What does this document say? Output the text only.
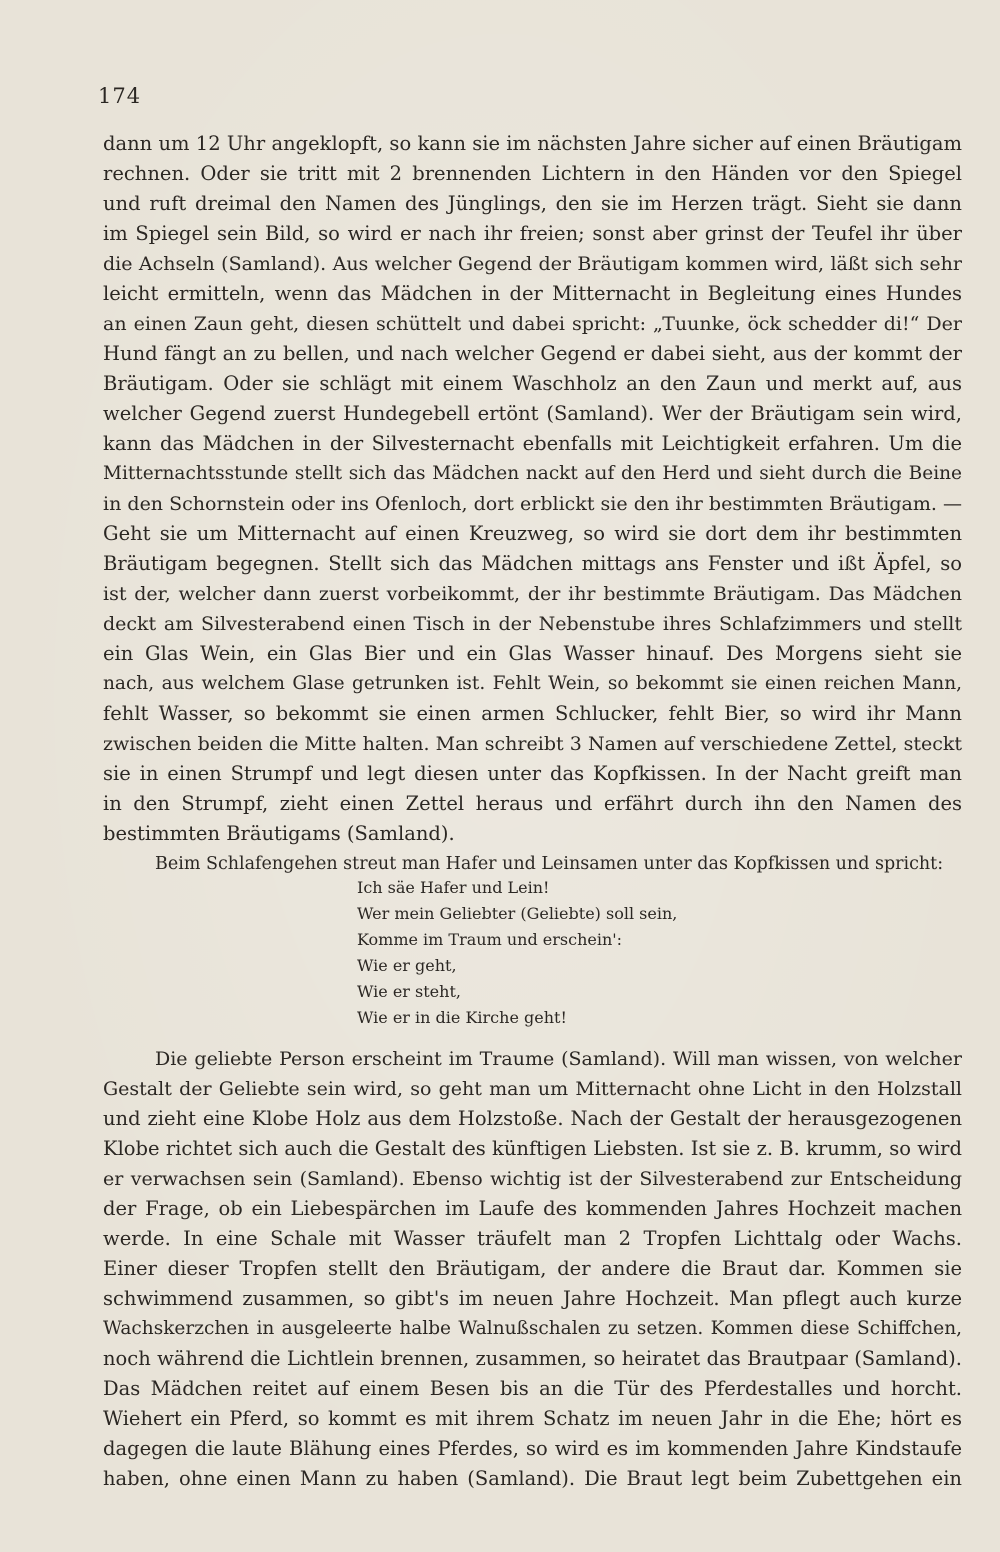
174
dann um 12 Uhr angeklopft, so kann sie im nächsten Jahre sicher auf einen Bräutigam
rechnen. Oder sie tritt mit 2 brennenden Lichtern in den Händen vor den Spiegel
und ruft dreimal den Namen des Jünglings, den sie im Herzen trägt. Sieht sie dann
im Spiegel sein Bild, so wird er nach ihr freien; sonst aber grinst der Teufel ihr über
die Achseln (Samland). Aus welcher Gegend der Bräutigam kommen wird, läßt sich sehr
leicht ermitteln, wenn das Mädchen in der Mitternacht in Begleitung eines Hundes
an einen Zaun geht, diesen schüttelt und dabei spricht: „Tuunke, öck schedder di!“ Der
Hund fängt an zu bellen, und nach welcher Gegend er dabei sieht, aus der kommt der
Bräutigam. Oder sie schlägt mit einem Waschholz an den Zaun und merkt auf, aus
welcher Gegend zuerst Hundegebell ertönt (Samland). Wer der Bräutigam sein wird,
kann das Mädchen in der Silvesternacht ebenfalls mit Leichtigkeit erfahren. Um die
Mitternachtsstunde stellt sich das Mädchen nackt auf den Herd und sieht durch die Beine
in den Schornstein oder ins Ofenloch, dort erblickt sie den ihr bestimmten Bräutigam. —
Geht sie um Mitternacht auf einen Kreuzweg, so wird sie dort dem ihr bestimmten
Bräutigam begegnen. Stellt sich das Mädchen mittags ans Fenster und ißt Äpfel, so
ist der, welcher dann zuerst vorbeikommt, der ihr bestimmte Bräutigam. Das Mädchen
deckt am Silvesterabend einen Tisch in der Nebenstube ihres Schlafzimmers und stellt
ein Glas Wein, ein Glas Bier und ein Glas Wasser hinauf. Des Morgens sieht sie
nach, aus welchem Glase getrunken ist. Fehlt Wein, so bekommt sie einen reichen Mann,
fehlt Wasser, so bekommt sie einen armen Schlucker, fehlt Bier, so wird ihr Mann
zwischen beiden die Mitte halten. Man schreibt 3 Namen auf verschiedene Zettel, steckt
sie in einen Strumpf und legt diesen unter das Kopfkissen. In der Nacht greift man
in den Strumpf, zieht einen Zettel heraus und erfährt durch ihn den Namen des
bestimmten Bräutigams (Samland).
Beim Schlafengehen streut man Hafer und Leinsamen unter das Kopfkissen und spricht:
Ich säe Hafer und Lein!
Wer mein Geliebter (Geliebte) soll sein,
Komme im Traum und erschein':
Wie er geht,
Wie er steht,
Wie er in die Kirche geht!
Die geliebte Person erscheint im Traume (Samland). Will man wissen, von welcher
Gestalt der Geliebte sein wird, so geht man um Mitternacht ohne Licht in den Holzstall
und zieht eine Klobe Holz aus dem Holzstoße. Nach der Gestalt der herausgezogenen
Klobe richtet sich auch die Gestalt des künftigen Liebsten. Ist sie z. B. krumm, so wird
er verwachsen sein (Samland). Ebenso wichtig ist der Silvesterabend zur Entscheidung
der Frage, ob ein Liebespärchen im Laufe des kommenden Jahres Hochzeit machen
werde. In eine Schale mit Wasser träufelt man 2 Tropfen Lichttalg oder Wachs.
Einer dieser Tropfen stellt den Bräutigam, der andere die Braut dar. Kommen sie
schwimmend zusammen, so gibt's im neuen Jahre Hochzeit. Man pflegt auch kurze
Wachskerzchen in ausgeleerte halbe Walnußschalen zu setzen. Kommen diese Schiffchen,
noch während die Lichtlein brennen, zusammen, so heiratet das Brautpaar (Samland).
Das Mädchen reitet auf einem Besen bis an die Tür des Pferdestalles und horcht.
Wiehert ein Pferd, so kommt es mit ihrem Schatz im neuen Jahr in die Ehe; hört es
dagegen die laute Blähung eines Pferdes, so wird es im kommenden Jahre Kindstaufe
haben, ohne einen Mann zu haben (Samland). Die Braut legt beim Zubettgehen ein
